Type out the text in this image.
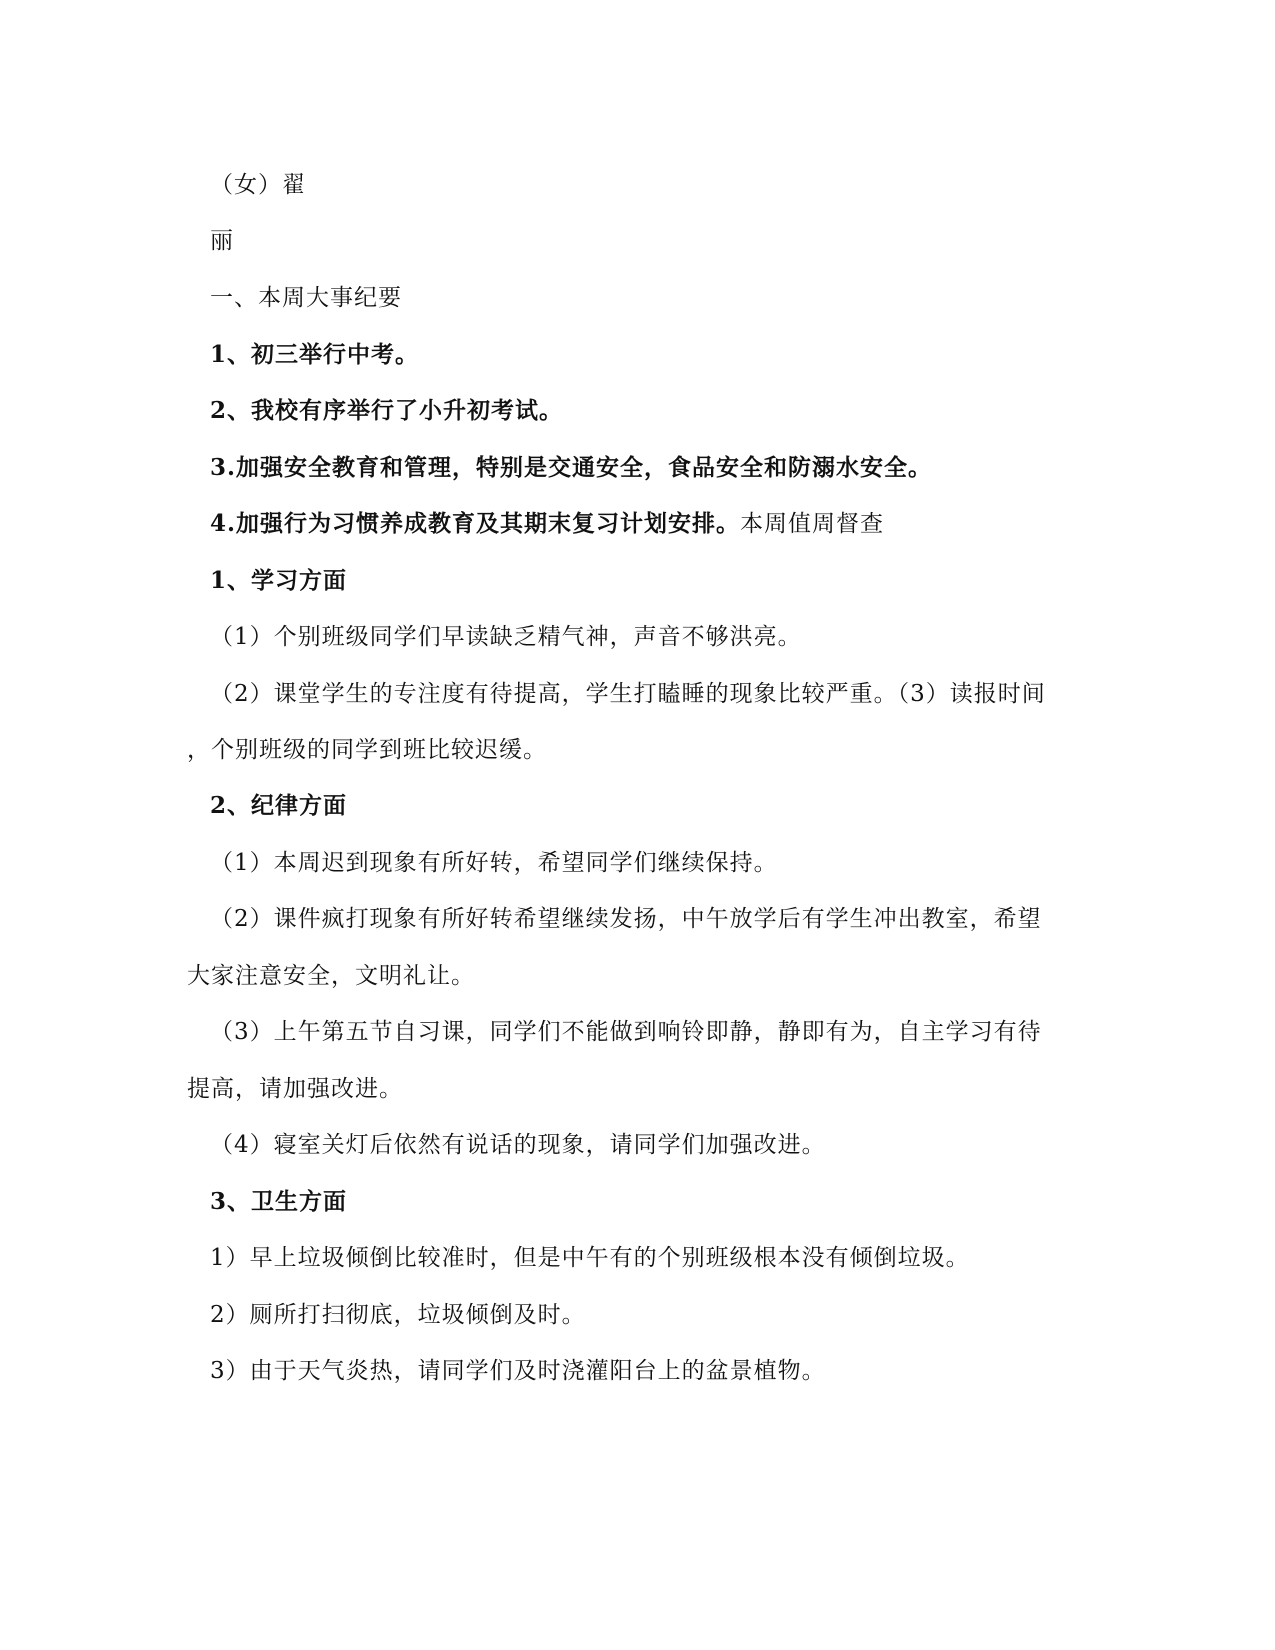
（女）翟
丽
一、本周大事纪要
1、初三举行中考。
2、我校有序举行了小升初考试。
3.加强安全教育和管理，特别是交通安全，食品安全和防溺水安全。
4.加强行为习惯养成教育及其期末复习计划安排。本周值周督查
1、学习方面
（1）个别班级同学们早读缺乏精气神，声音不够洪亮。
（2）课堂学生的专注度有待提高，学生打瞌睡的现象比较严重。（3）读报时间
，个别班级的同学到班比较迟缓。
2、纪律方面
（1）本周迟到现象有所好转，希望同学们继续保持。
（2）课件疯打现象有所好转希望继续发扬，中午放学后有学生冲出教室，希望
大家注意安全，文明礼让。
（3）上午第五节自习课，同学们不能做到响铃即静，静即有为，自主学习有待
提高，请加强改进。
（4）寝室关灯后依然有说话的现象，请同学们加强改进。
3、卫生方面
1）早上垃圾倾倒比较准时，但是中午有的个别班级根本没有倾倒垃圾。
2）厕所打扫彻底，垃圾倾倒及时。
3）由于天气炎热，请同学们及时浇灌阳台上的盆景植物。
